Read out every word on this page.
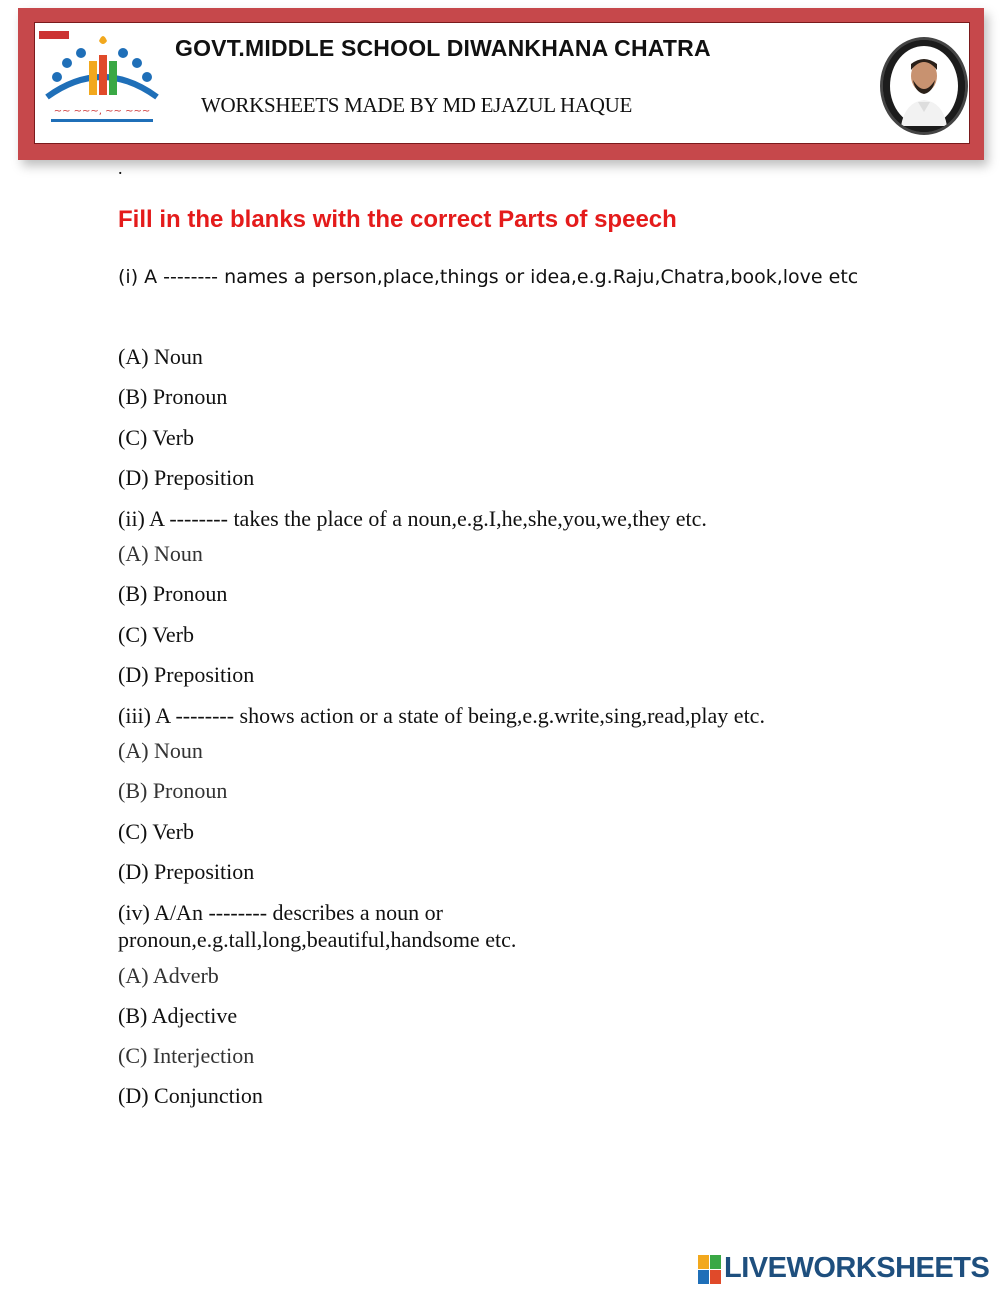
~~ ~~~, ~~ ~~~
GOVT.MIDDLE SCHOOL DIWANKHANA CHATRA
WORKSHEETS MADE BY MD EJAZUL HAQUE
.
Fill in the blanks with the correct Parts of speech
(i) A -------- names a person,place,things or idea,e.g.Raju,Chatra,book,love etc
(A) Noun
(B) Pronoun
(C) Verb
(D) Preposition
(ii) A -------- takes the place of a noun,e.g.I,he,she,you,we,they etc.
(A) Noun
(B) Pronoun
(C) Verb
(D) Preposition
(iii) A -------- shows action or a state of being,e.g.write,sing,read,play etc.
(A) Noun
(B) Pronoun
(C) Verb
(D) Preposition
(iv) A/An -------- describes a noun or
pronoun,e.g.tall,long,beautiful,handsome etc.
(A) Adverb
(B) Adjective
(C) Interjection
(D) Conjunction
LIVEWORKSHEETS
